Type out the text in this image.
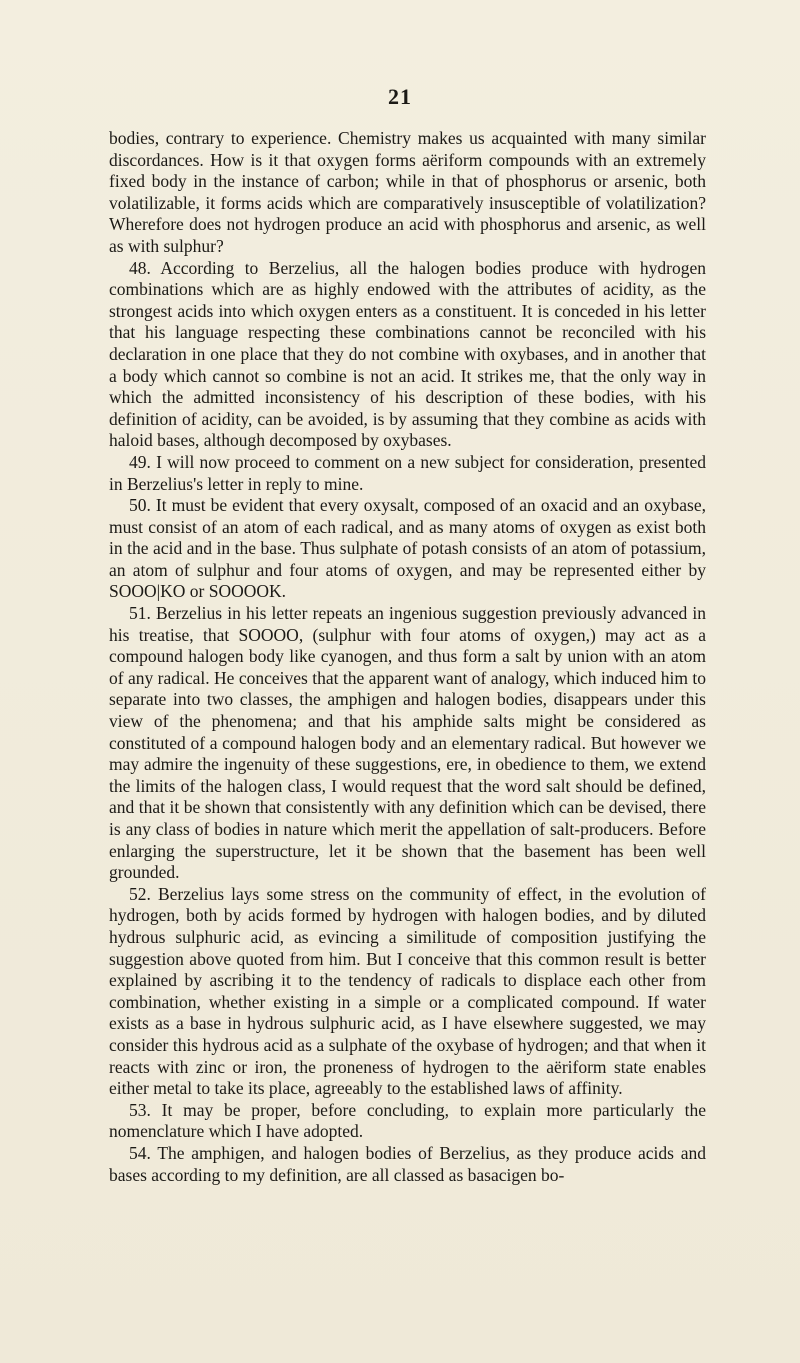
21

bodies, contrary to experience. Chemistry makes us acquainted with many similar discordances. How is it that oxygen forms aëriform compounds with an extremely fixed body in the instance of carbon; while in that of phosphorus or arsenic, both volatilizable, it forms acids which are comparatively insusceptible of volatilization? Wherefore does not hydrogen produce an acid with phosphorus and arsenic, as well as with sulphur?

48. According to Berzelius, all the halogen bodies produce with hydrogen combinations which are as highly endowed with the attributes of acidity, as the strongest acids into which oxygen enters as a constituent. It is conceded in his letter that his language respecting these combinations cannot be reconciled with his declaration in one place that they do not combine with oxybases, and in another that a body which cannot so combine is not an acid. It strikes me, that the only way in which the admitted inconsistency of his description of these bodies, with his definition of acidity, can be avoided, is by assuming that they combine as acids with haloid bases, although decomposed by oxybases.

49. I will now proceed to comment on a new subject for consideration, presented in Berzelius's letter in reply to mine.

50. It must be evident that every oxysalt, composed of an oxacid and an oxybase, must consist of an atom of each radical, and as many atoms of oxygen as exist both in the acid and in the base. Thus sulphate of potash consists of an atom of potassium, an atom of sulphur and four atoms of oxygen, and may be represented either by SOOO|KO or SOOOOK.

51. Berzelius in his letter repeats an ingenious suggestion previously advanced in his treatise, that SOOOO, (sulphur with four atoms of oxygen,) may act as a compound halogen body like cyanogen, and thus form a salt by union with an atom of any radical. He conceives that the apparent want of analogy, which induced him to separate into two classes, the amphigen and halogen bodies, disappears under this view of the phenomena; and that his amphide salts might be considered as constituted of a compound halogen body and an elementary radical. But however we may admire the ingenuity of these suggestions, ere, in obedience to them, we extend the limits of the halogen class, I would request that the word salt should be defined, and that it be shown that consistently with any definition which can be devised, there is any class of bodies in nature which merit the appellation of salt-producers. Before enlarging the superstructure, let it be shown that the basement has been well grounded.

52. Berzelius lays some stress on the community of effect, in the evolution of hydrogen, both by acids formed by hydrogen with halogen bodies, and by diluted hydrous sulphuric acid, as evincing a similitude of composition justifying the suggestion above quoted from him. But I conceive that this common result is better explained by ascribing it to the tendency of radicals to displace each other from combination, whether existing in a simple or a complicated compound. If water exists as a base in hydrous sulphuric acid, as I have elsewhere suggested, we may consider this hydrous acid as a sulphate of the oxybase of hydrogen; and that when it reacts with zinc or iron, the proneness of hydrogen to the aëriform state enables either metal to take its place, agreeably to the established laws of affinity.

53. It may be proper, before concluding, to explain more particularly the nomenclature which I have adopted.

54. The amphigen, and halogen bodies of Berzelius, as they produce acids and bases according to my definition, are all classed as basacigen bo-
